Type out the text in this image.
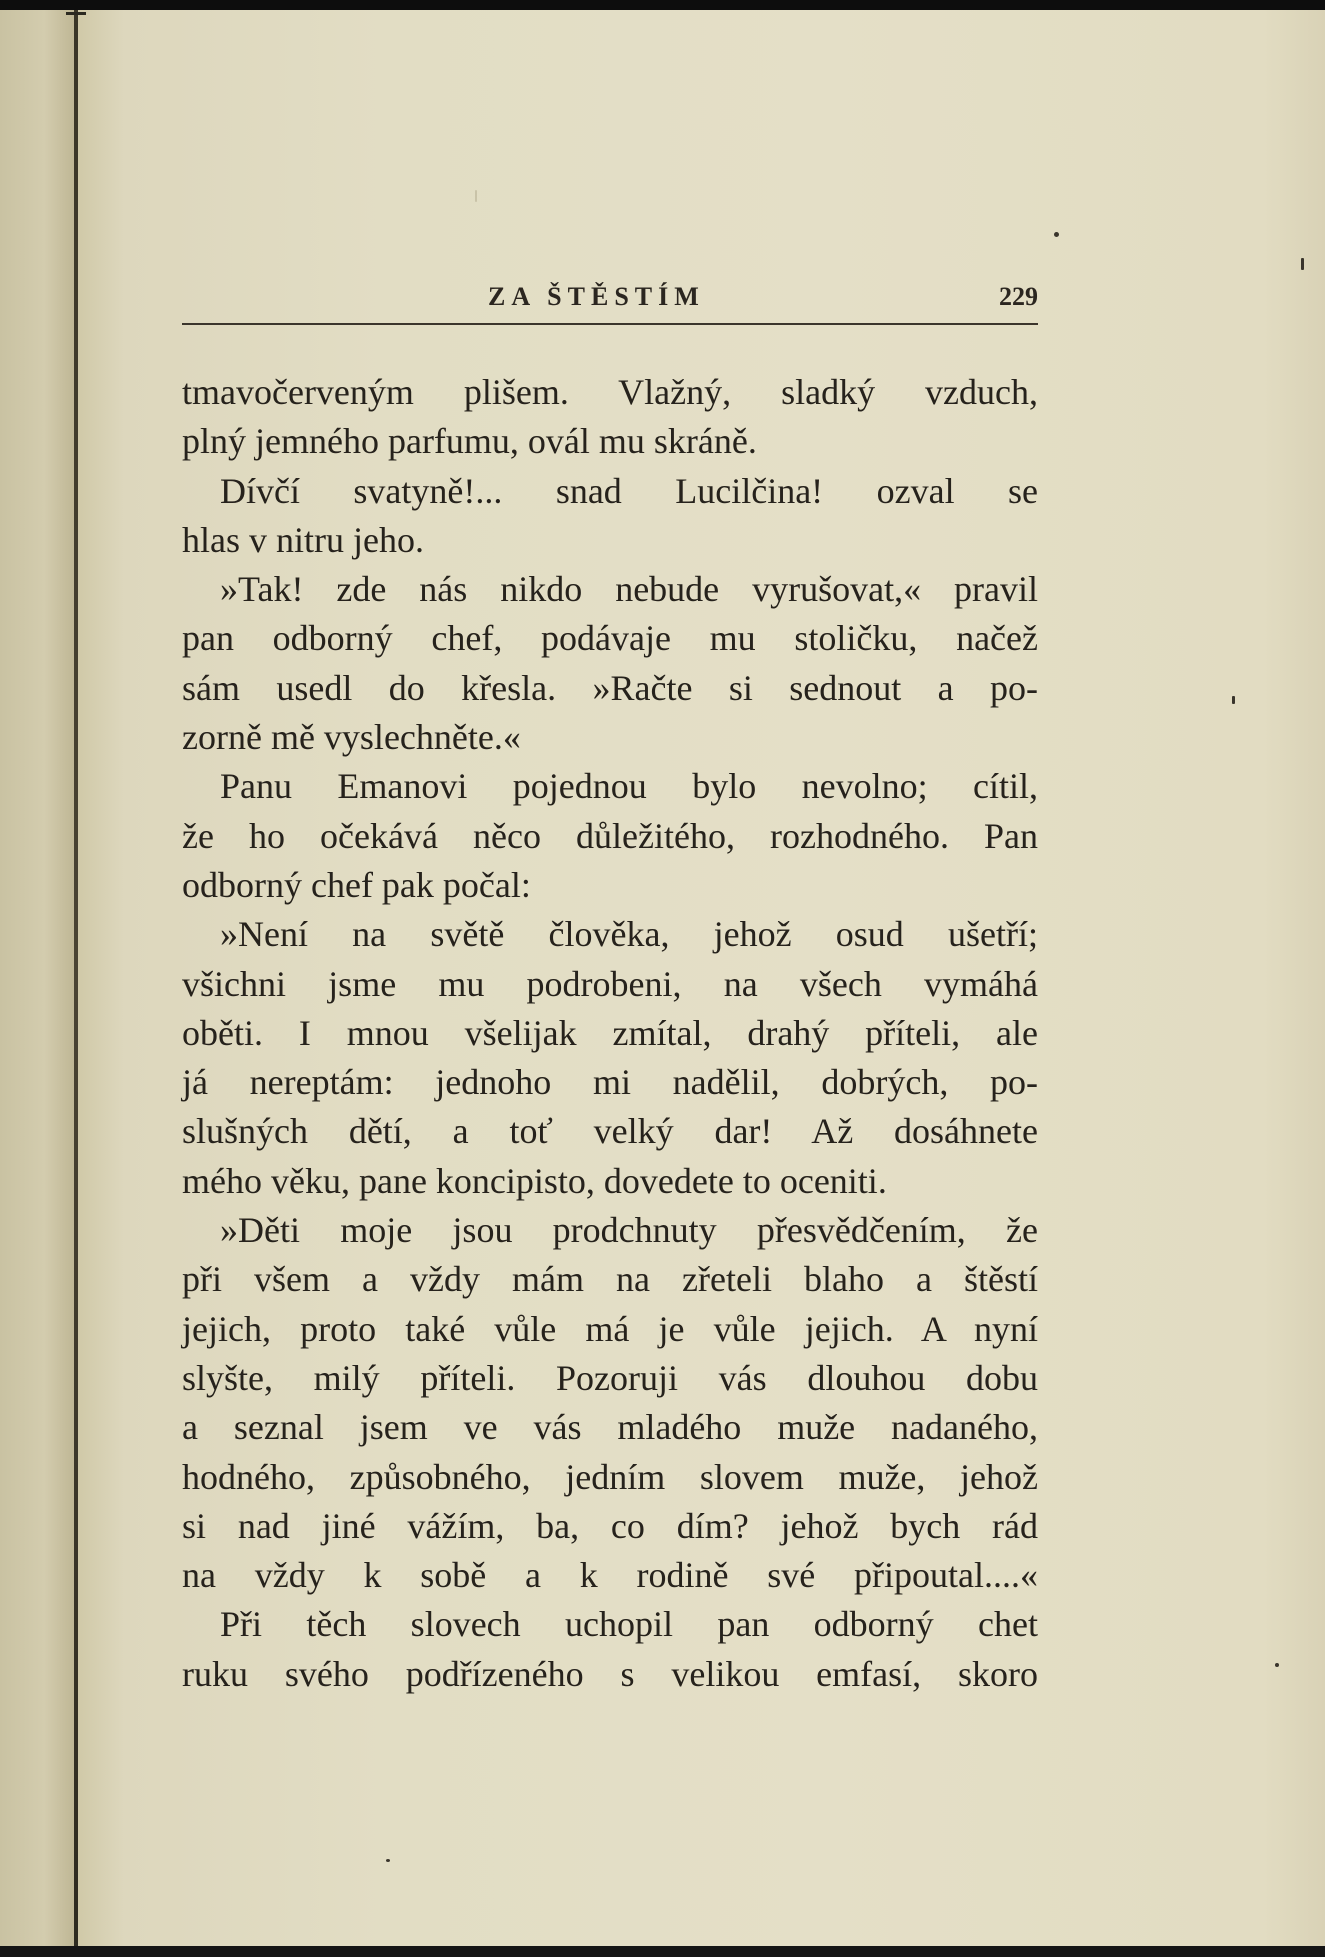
ZA ŠTĚSTÍM	229
tmavočerveným plišem. Vlažný, sladký vzduch,
plný jemného parfumu, ovál mu skráně.
Dívčí svatyně!... snad Lucilčina! ozval se
hlas v nitru jeho.
»Tak! zde nás nikdo nebude vyrušovat,« pravil
pan odborný chef, podávaje mu stoličku, načež
sám usedl do křesla. »Račte si sednout a po-
zorně mě vyslechněte.«
Panu Emanovi pojednou bylo nevolno; cítil,
že ho očekává něco důležitého, rozhodného. Pan
odborný chef pak počal:
»Není na světě člověka, jehož osud ušetří;
všichni jsme mu podrobeni, na všech vymáhá
oběti. I mnou všelijak zmítal, drahý příteli, ale
já nereptám: jednoho mi nadělil, dobrých, po-
slušných dětí, a toť velký dar! Až dosáhnete
mého věku, pane koncipisto, dovedete to oceniti.
»Děti moje jsou prodchnuty přesvědčením, že
při všem a vždy mám na zřeteli blaho a štěstí
jejich, proto také vůle má je vůle jejich. A nyní
slyšte, milý příteli. Pozoruji vás dlouhou dobu
a seznal jsem ve vás mladého muže nadaného,
hodného, způsobného, jedním slovem muže, jehož
si nad jiné vážím, ba, co dím? jehož bych rád
na vždy k sobě a k rodině své připoutal....«
Při těch slovech uchopil pan odborný chet
ruku svého podřízeného s velikou emfasí, skoro
